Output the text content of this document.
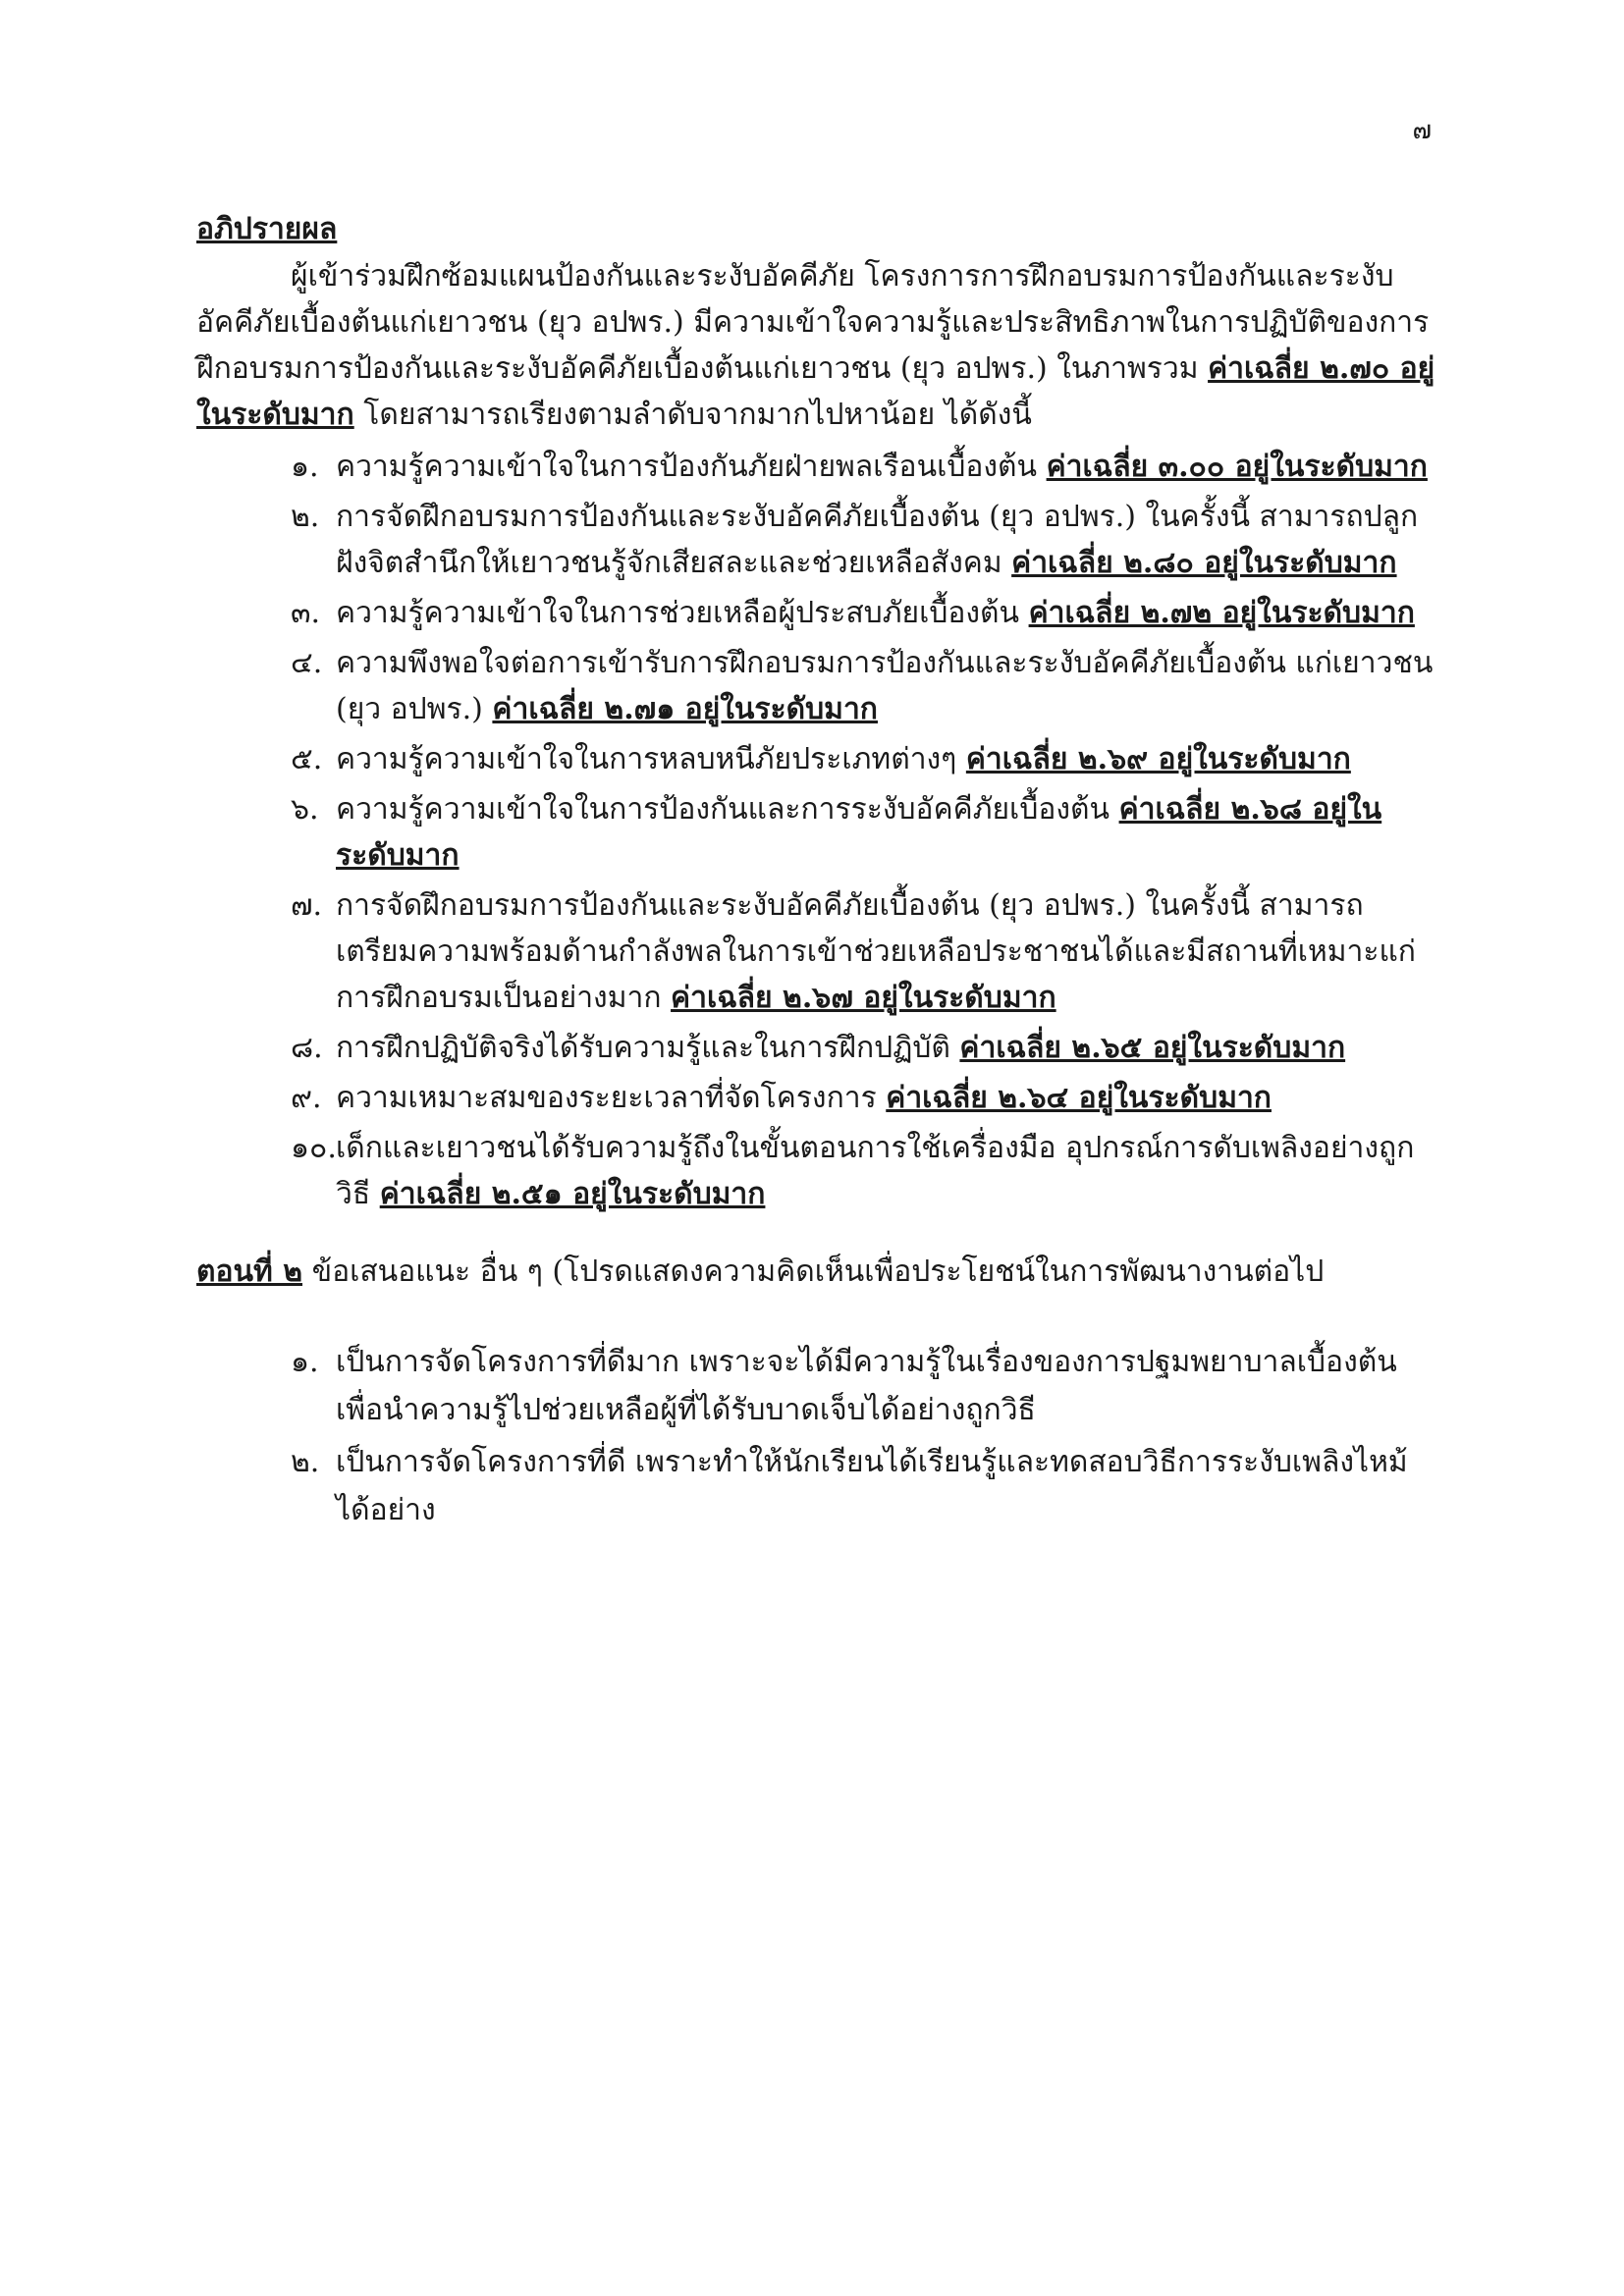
๗
อภิปรายผล
ผู้เข้าร่วมฝึกซ้อมแผนป้องกันและระงับอัคคีภัย โครงการการฝึกอบรมการป้องกันและระงับอัคคีภัยเบื้องต้นแก่เยาวชน (ยุว อปพร.) มีความเข้าใจความรู้และประสิทธิภาพในการปฏิบัติของการฝึกอบรมการป้องกันและระงับอัคคีภัยเบื้องต้นแก่เยาวชน (ยุว อปพร.) ในภาพรวม ค่าเฉลี่ย ๒.๗๐ อยู่ในระดับมาก โดยสามารถเรียงตามลำดับจากมากไปหาน้อย ได้ดังนี้
๑. ความรู้ความเข้าใจในการป้องกันภัยฝ่ายพลเรือนเบื้องต้น ค่าเฉลี่ย ๓.๐๐ อยู่ในระดับมาก
๒. การจัดฝึกอบรมการป้องกันและระงับอัคคีภัยเบื้องต้น (ยุว อปพร.) ในครั้งนี้ สามารถปลูกฝังจิตสำนึกให้เยาวชนรู้จักเสียสละและช่วยเหลือสังคม ค่าเฉลี่ย ๒.๘๐ อยู่ในระดับมาก
๓. ความรู้ความเข้าใจในการช่วยเหลือผู้ประสบภัยเบื้องต้น ค่าเฉลี่ย ๒.๗๒ อยู่ในระดับมาก
๔. ความพึงพอใจต่อการเข้ารับการฝึกอบรมการป้องกันและระงับอัคคีภัยเบื้องต้น แก่เยาวชน (ยุว อปพร.) ค่าเฉลี่ย ๒.๗๑ อยู่ในระดับมาก
๕. ความรู้ความเข้าใจในการหลบหนีภัยประเภทต่างๆ ค่าเฉลี่ย ๒.๖๙ อยู่ในระดับมาก
๖. ความรู้ความเข้าใจในการป้องกันและการระงับอัคคีภัยเบื้องต้น ค่าเฉลี่ย ๒.๖๘ อยู่ในระดับมาก
๗. การจัดฝึกอบรมการป้องกันและระงับอัคคีภัยเบื้องต้น (ยุว อปพร.) ในครั้งนี้ สามารถเตรียมความพร้อมด้านกำลังพลในการเข้าช่วยเหลือประชาชนได้และมีสถานที่เหมาะแก่การฝึกอบรมเป็นอย่างมาก ค่าเฉลี่ย ๒.๖๗ อยู่ในระดับมาก
๘. การฝึกปฏิบัติจริงได้รับความรู้และในการฝึกปฏิบัติ ค่าเฉลี่ย ๒.๖๕ อยู่ในระดับมาก
๙. ความเหมาะสมของระยะเวลาที่จัดโครงการ ค่าเฉลี่ย ๒.๖๔ อยู่ในระดับมาก
๑๐. เด็กและเยาวชนได้รับความรู้ถึงในขั้นตอนการใช้เครื่องมือ อุปกรณ์การดับเพลิงอย่างถูกวิธี ค่าเฉลี่ย ๒.๕๑ อยู่ในระดับมาก
ตอนที่ ๒ ข้อเสนอแนะ อื่น ๆ (โปรดแสดงความคิดเห็นเพื่อประโยชน์ในการพัฒนางานต่อไป
๑. เป็นการจัดโครงการที่ดีมาก เพราะจะได้มีความรู้ในเรื่องของการปฐมพยาบาลเบื้องต้นเพื่อนำความรู้ไปช่วยเหลือผู้ที่ได้รับบาดเจ็บได้อย่างถูกวิธี
๒. เป็นการจัดโครงการที่ดี เพราะทำให้นักเรียนได้เรียนรู้และทดสอบวิธีการระงับเพลิงไหม้ ได้อย่าง
